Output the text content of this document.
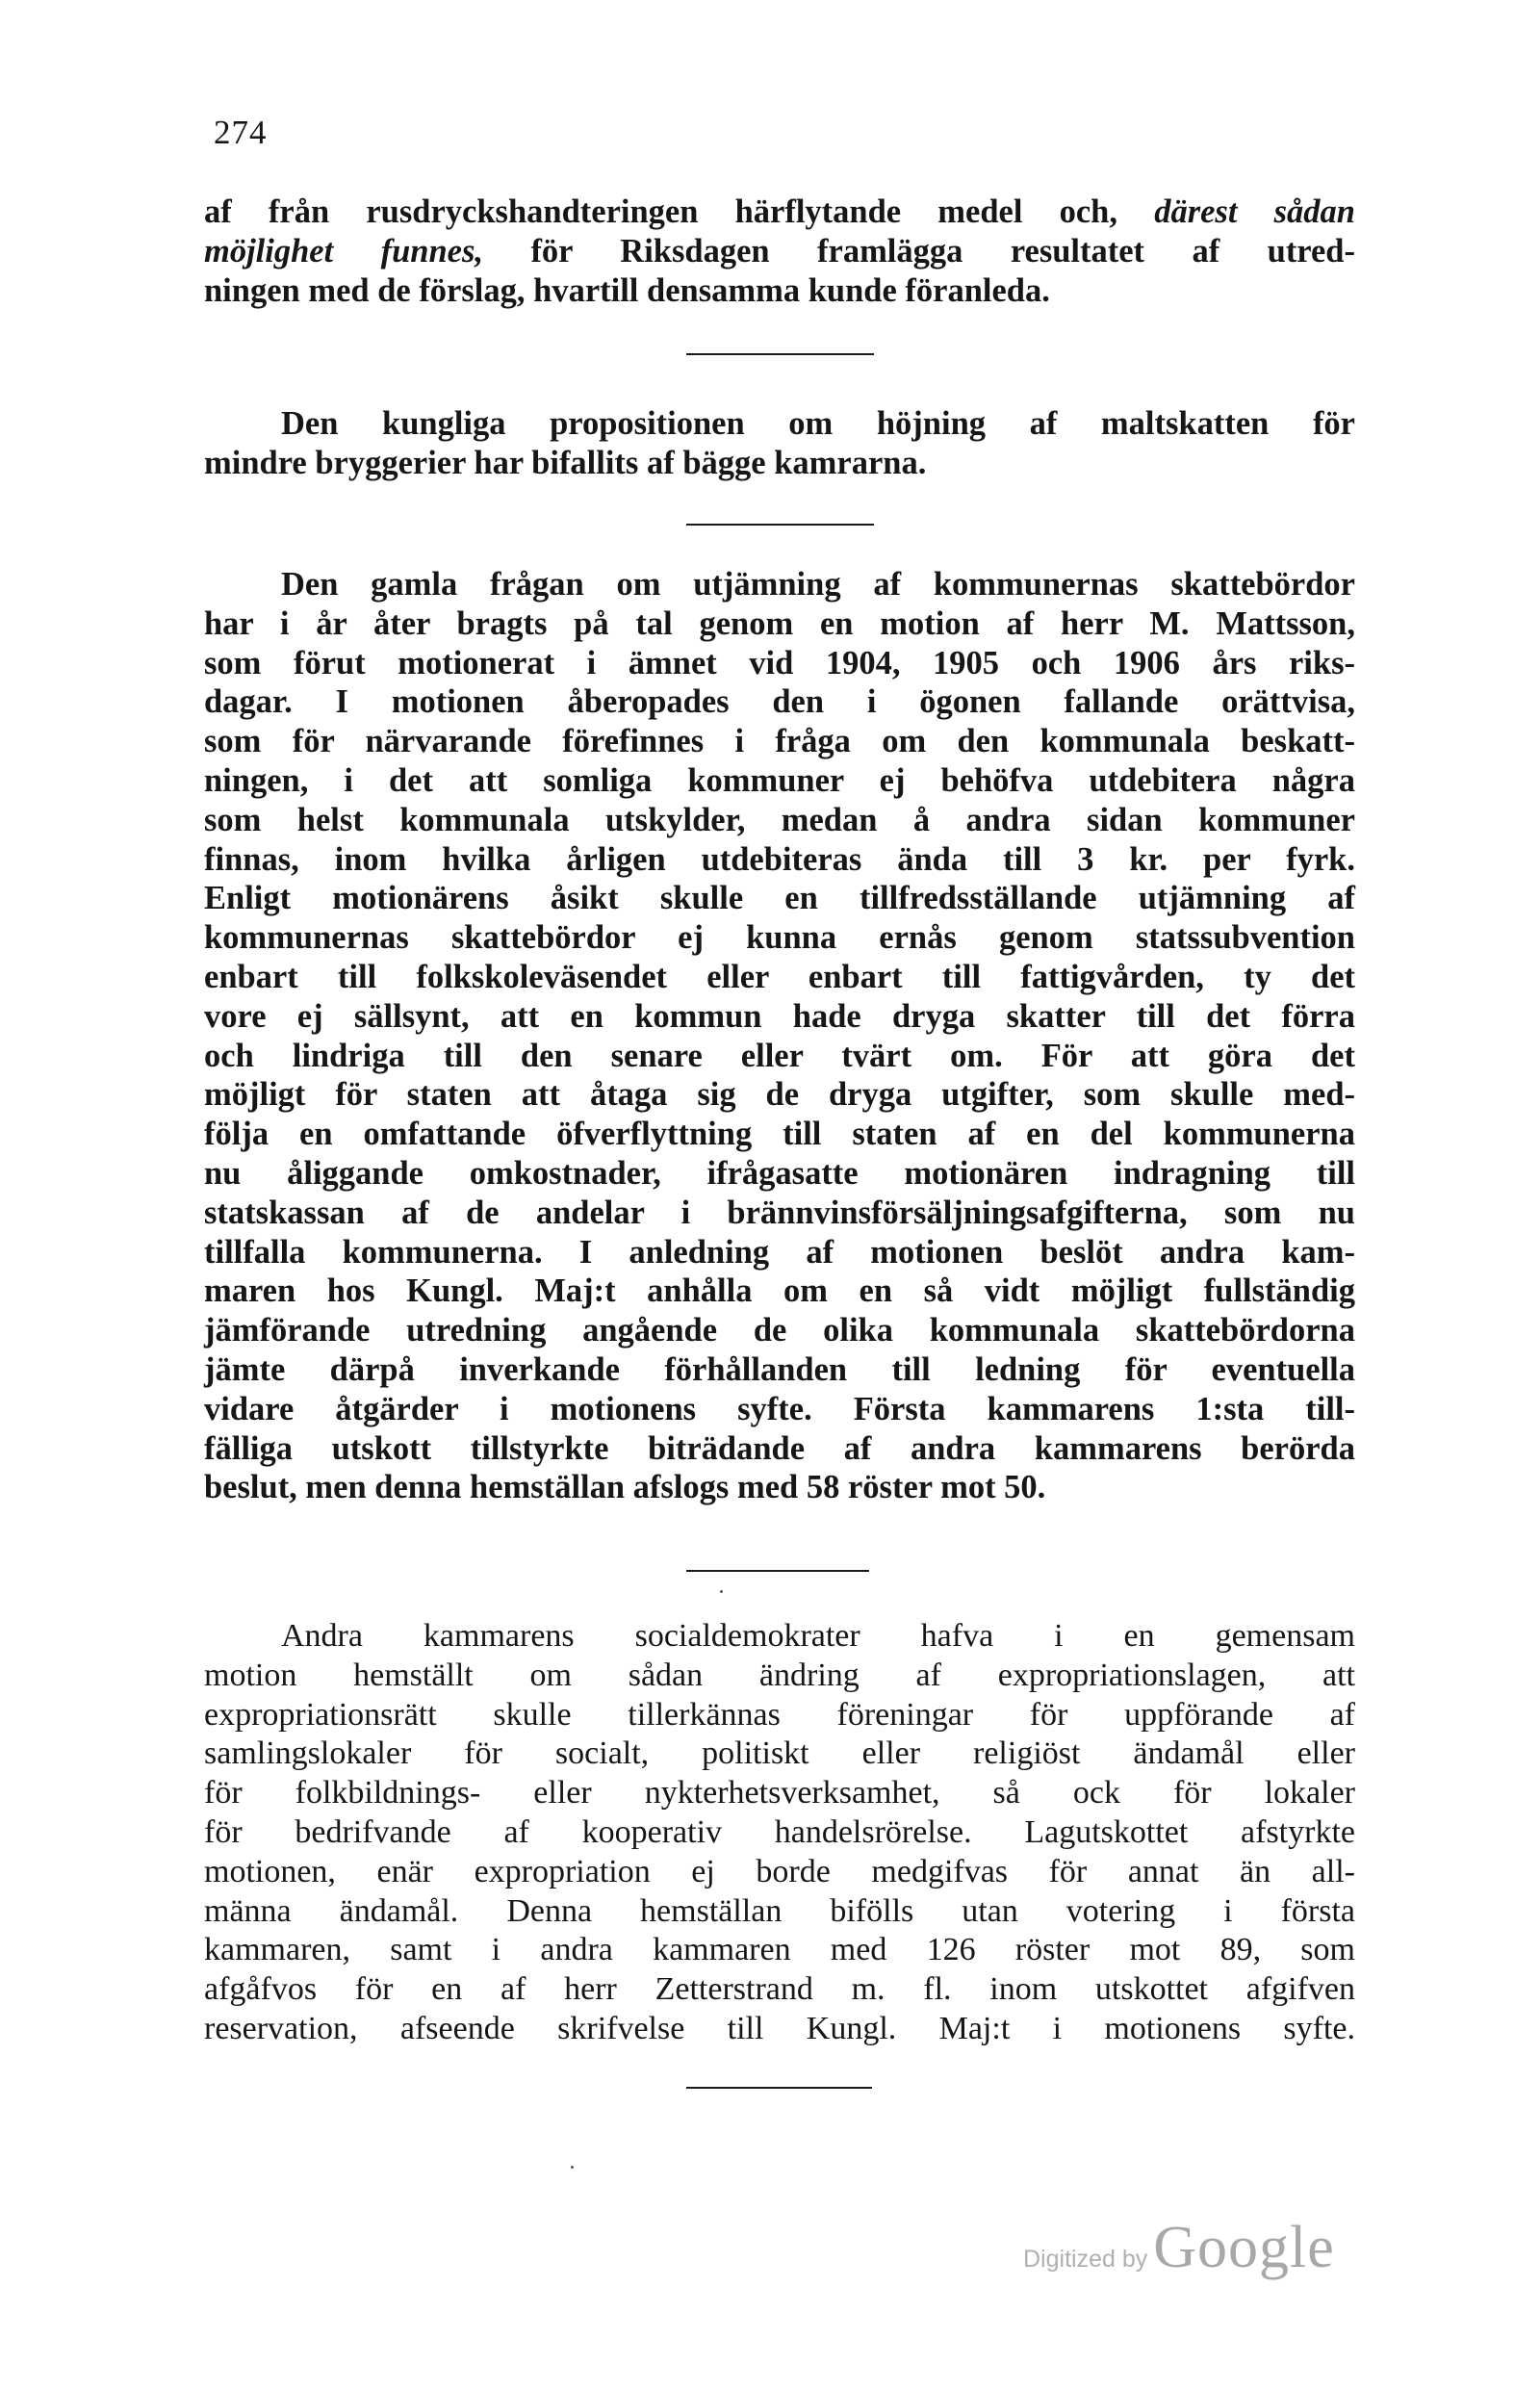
274
af från rusdryckshandteringen härflytande medel och, därest sådan
möjlighet funnes, för Riksdagen framlägga resultatet af utred-
ningen med de förslag, hvartill densamma kunde föranleda.
Den kungliga propositionen om höjning af maltskatten för
mindre bryggerier har bifallits af bägge kamrarna.
Den gamla frågan om utjämning af kommunernas skattebördor
har i år åter bragts på tal genom en motion af herr M. Mattsson,
som förut motionerat i ämnet vid 1904, 1905 och 1906 års riks-
dagar. I motionen åberopades den i ögonen fallande orättvisa,
som för närvarande förefinnes i fråga om den kommunala beskatt-
ningen, i det att somliga kommuner ej behöfva utdebitera några
som helst kommunala utskylder, medan å andra sidan kommuner
finnas, inom hvilka årligen utdebiteras ända till 3 kr. per fyrk.
Enligt motionärens åsikt skulle en tillfredsställande utjämning af
kommunernas skattebördor ej kunna ernås genom statssubvention
enbart till folkskoleväsendet eller enbart till fattigvården, ty det
vore ej sällsynt, att en kommun hade dryga skatter till det förra
och lindriga till den senare eller tvärt om. För att göra det
möjligt för staten att åtaga sig de dryga utgifter, som skulle med-
följa en omfattande öfverflyttning till staten af en del kommunerna
nu åliggande omkostnader, ifrågasatte motionären indragning till
statskassan af de andelar i brännvinsförsäljningsafgifterna, som nu
tillfalla kommunerna. I anledning af motionen beslöt andra kam-
maren hos Kungl. Maj:t anhålla om en så vidt möjligt fullständig
jämförande utredning angående de olika kommunala skattebördorna
jämte därpå inverkande förhållanden till ledning för eventuella
vidare åtgärder i motionens syfte. Första kammarens 1:sta till-
fälliga utskott tillstyrkte biträdande af andra kammarens berörda
beslut, men denna hemställan afslogs med 58 röster mot 50.
Andra kammarens socialdemokrater hafva i en gemensam
motion hemställt om sådan ändring af expropriationslagen, att
expropriationsrätt skulle tillerkännas föreningar för uppförande af
samlingslokaler för socialt, politiskt eller religiöst ändamål eller
för folkbildnings- eller nykterhetsverksamhet, så ock för lokaler
för bedrifvande af kooperativ handelsrörelse. Lagutskottet afstyrkte
motionen, enär expropriation ej borde medgifvas för annat än all-
männa ändamål. Denna hemställan bifölls utan votering i första
kammaren, samt i andra kammaren med 126 röster mot 89, som
afgåfvos för en af herr Zetterstrand m. fl. inom utskottet afgifven
reservation, afseende skrifvelse till Kungl. Maj:t i motionens syfte.
Digitized by Google
